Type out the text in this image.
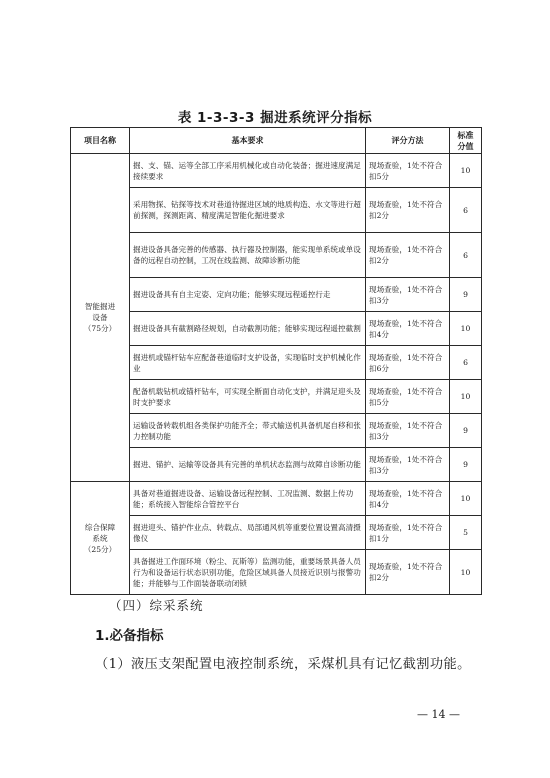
表 1-3-3-3 掘进系统评分指标
项目名称	基本要求	评分方法	标准
分值
智能掘进
设备
（75分）	掘、支、锚、运等全部工序采用机械化或自动化装备；掘进速度满足接续要求	现场查验，1处不符合扣5分	10
	采用物探、钻探等技术对巷道待掘进区域的地质构造、水文等进行超前探测，探测距离、精度满足智能化掘进要求	现场查验，1处不符合扣2分	6
	掘进设备具备完善的传感器、执行器及控制器，能实现单系统或单设备的远程自动控制，工况在线监测、故障诊断功能	现场查验，1处不符合扣2分	6
	掘进设备具有自主定姿、定向功能；能够实现远程遥控行走	现场查验，1处不符合扣3分	9
	掘进设备具有截割路径规划，自动截割功能；能够实现远程遥控截割	现场查验，1处不符合扣4分	10
	掘进机或锚杆钻车应配备巷道临时支护设备，实现临时支护机械化作业	现场查验，1处不符合扣6分	6
	配备机载钻机或锚杆钻车，可实现全断面自动化支护，并满足迎头及时支护要求	现场查验，1处不符合扣5分	10
	运输设备转载机组各类保护功能齐全；带式输送机具备机尾自移和张力控制功能	现场查验，1处不符合扣3分	9
	掘进、锚护、运输等设备具有完善的单机状态监测与故障自诊断功能	现场查验，1处不符合扣3分	9
综合保障
系统
（25分）	具备对巷道掘进设备、运输设备远程控制、工况监测、数据上传功能；系统接入智能综合管控平台	现场查验，1处不符合扣4分	10
	掘进迎头、锚护作业点、转载点、局部通风机等重要位置设置高清摄像仪	现场查验，1处不符合扣1分	5
	具备掘进工作面环境（粉尘、瓦斯等）监测功能，重要场景具备人员行为和设备运行状态识别功能，危险区域具备人员接近识别与报警功能；并能够与工作面装备联动闭锁	现场查验，1处不符合扣2分	10
（四）综采系统
1.必备指标
（1）液压支架配置电液控制系统，采煤机具有记忆截割功能。
— 14 —
